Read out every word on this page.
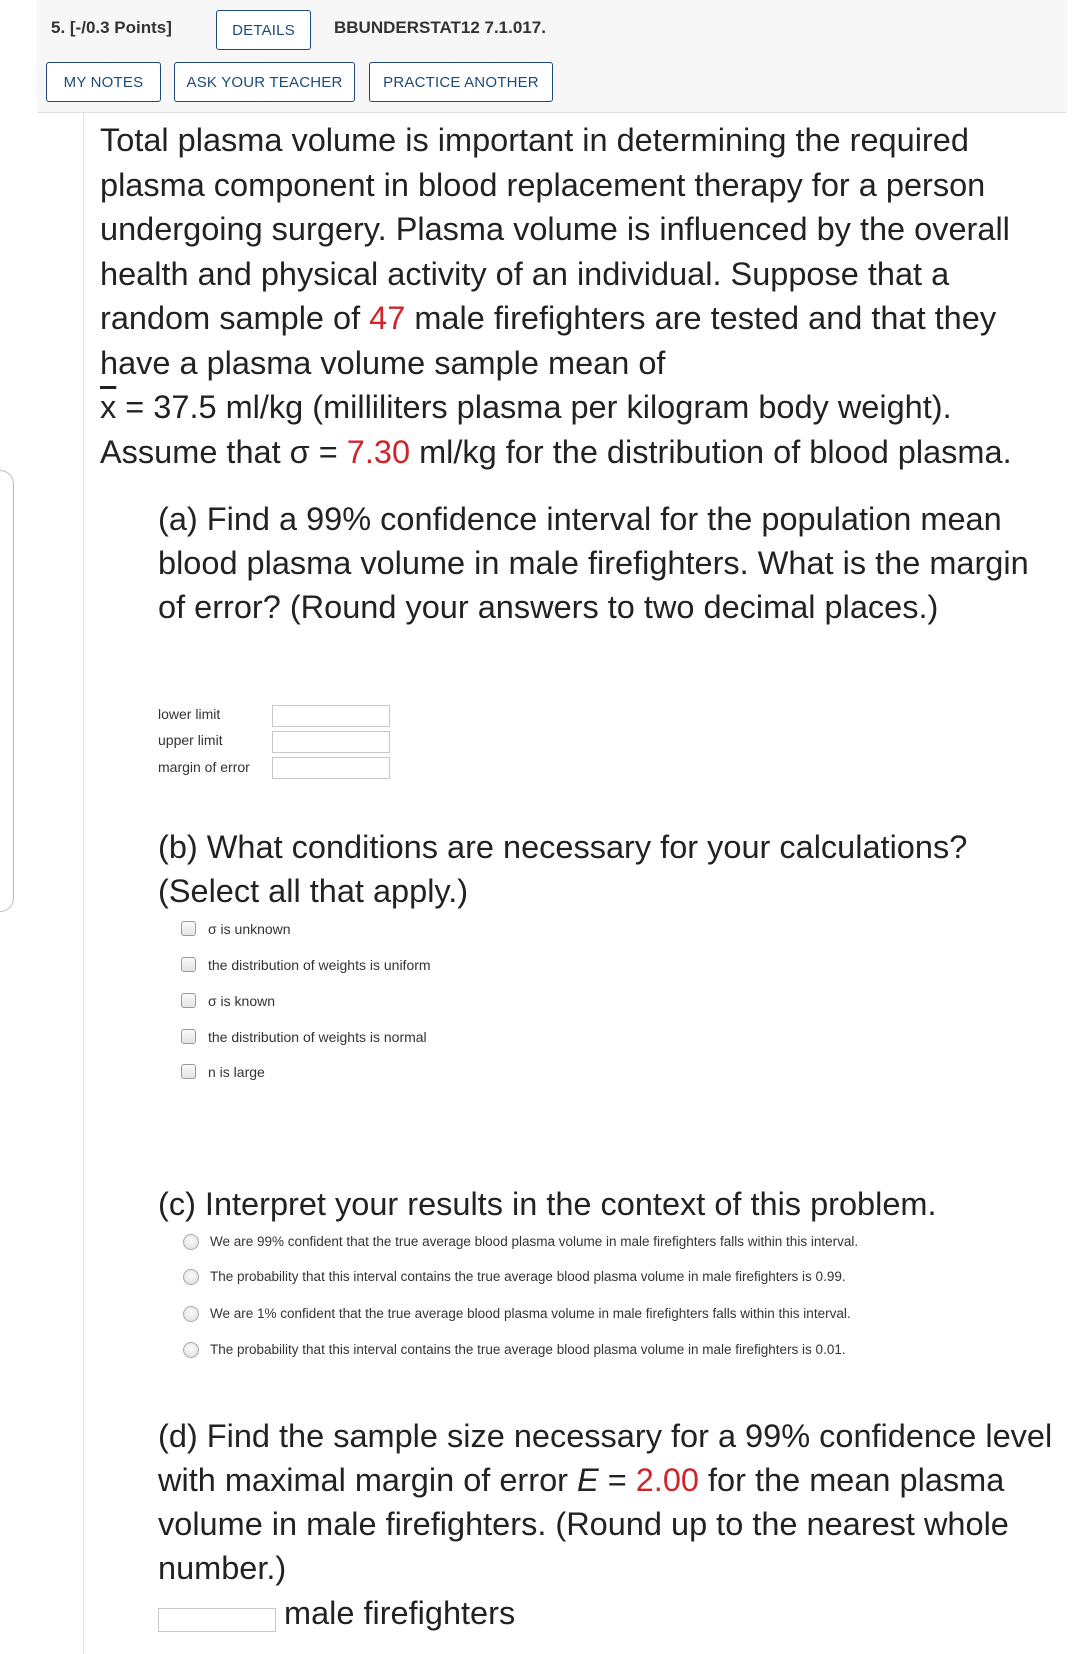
5. [-/0.3 Points]	DETAILS	BBUNDERSTAT12 7.1.017.
MY NOTES	ASK YOUR TEACHER	PRACTICE ANOTHER
Total plasma volume is important in determining the required plasma component in blood replacement therapy for a person undergoing surgery. Plasma volume is influenced by the overall health and physical activity of an individual. Suppose that a random sample of 47 male firefighters are tested and that they have a plasma volume sample mean of
$\overline{x} = 37.5$ ml/kg (milliliters plasma per kilogram body weight). Assume that σ = 7.30 ml/kg for the distribution of blood plasma.
(a) Find a 99% confidence interval for the population mean blood plasma volume in male firefighters. What is the margin of error? (Round your answers to two decimal places.)
lower limit
upper limit
margin of error
(b) What conditions are necessary for your calculations? (Select all that apply.)
σ is unknown
the distribution of weights is uniform
σ is known
the distribution of weights is normal
n is large
(c) Interpret your results in the context of this problem.
We are 99% confident that the true average blood plasma volume in male firefighters falls within this interval.
The probability that this interval contains the true average blood plasma volume in male firefighters is 0.99.
We are 1% confident that the true average blood plasma volume in male firefighters falls within this interval.
The probability that this interval contains the true average blood plasma volume in male firefighters is 0.01.
(d) Find the sample size necessary for a 99% confidence level with maximal margin of error E = 2.00 for the mean plasma volume in male firefighters. (Round up to the nearest whole number.)
male firefighters
